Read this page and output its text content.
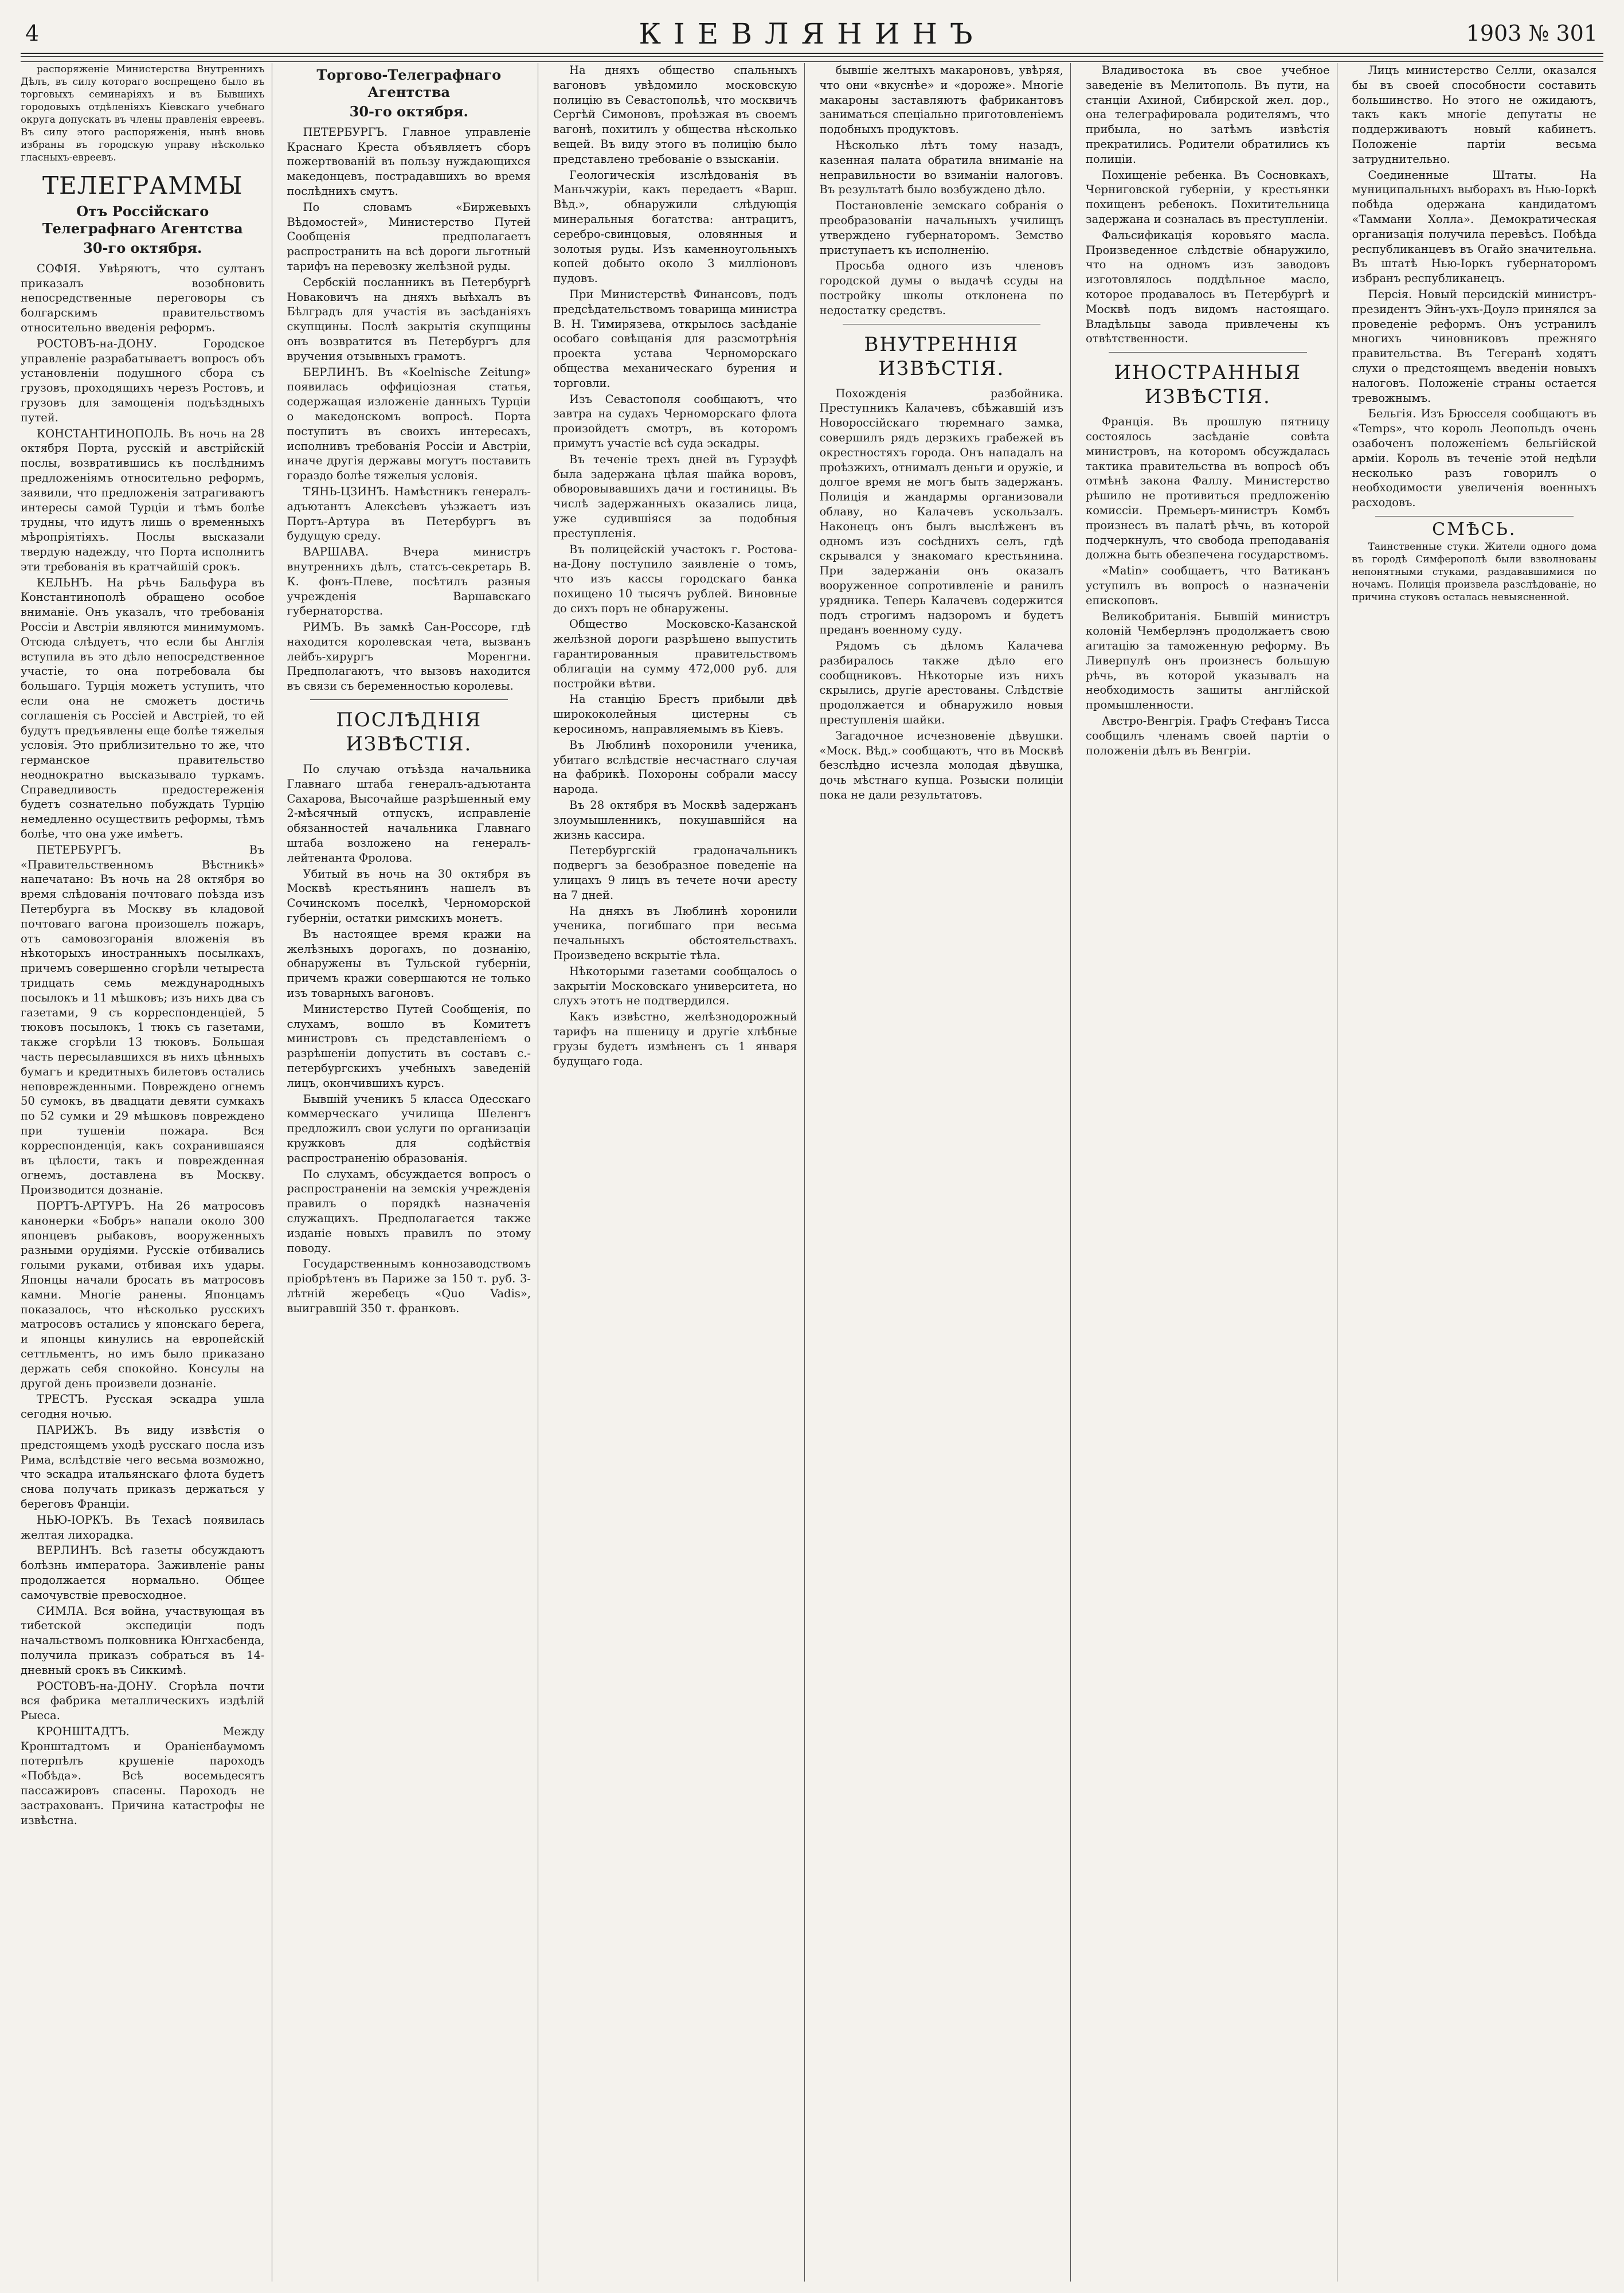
4	КІЕВЛЯНИНЪ	1903 № 301

распоряженіе Министерства Внутреннихъ Дѣлъ, въ силу котораго воспрещено было въ торговыхъ семинаріяхъ и въ Бывшихъ городовыхъ отдѣленіяхъ Кіевскаго учебнаго округа допускать въ члены правленія евреевъ. Въ силу этого распоряженія, нынѣ вновь избраны въ городскую управу нѣсколько гласныхъ-евреевъ.

ТЕЛЕГРАММЫ
Отъ Россійскаго Телеграфнаго Агентства
30-го октября.

СОФІЯ. Увѣряютъ, что султанъ приказалъ возобновить непосредственные переговоры съ болгарскимъ правительствомъ относительно введенія реформъ.

РОСТОВЪ-на-ДОНУ. Городское управленіе разрабатываетъ вопросъ объ установленіи подушного сбора съ грузовъ, проходящихъ черезъ Ростовъ, и грузовъ для замощенія подъѣздныхъ путей.

КОНСТАНТИНОПОЛЬ. Въ ночь на 28 октября Порта, русскій и австрійскій послы, возвратившись къ послѣднимъ предложеніямъ относительно реформъ, заявили, что предложенія затрагиваютъ интересы самой Турціи и тѣмъ болѣе трудны, что идутъ лишь о временныхъ мѣропріятіяхъ. Послы высказали твердую надежду, что Порта исполнитъ эти требованія въ кратчайшій срокъ.

КЕЛЬНЪ. На рѣчь Бальфура въ Константинополѣ обращено особое вниманіе. Онъ указалъ, что требованія Россіи и Австріи являются минимумомъ. Отсюда слѣдуетъ, что если бы Англія вступила въ это дѣло непосредственное участіе, то она потребовала бы большаго. Турція можетъ уступить, что если она не сможетъ достичь соглашенія съ Россіей и Австріей, то ей будутъ предъявлены еще болѣе тяжелыя условія. Это приблизительно то же, что германское правительство неоднократно высказывало туркамъ. Справедливость предостереженія будетъ сознательно побуждать Турцію немедленно осуществить реформы, тѣмъ болѣе, что она уже имѣетъ.

ПЕТЕРБУРГЪ. Въ «Правительственномъ Вѣстникѣ» напечатано: Въ ночь на 28 октября во время слѣдованія почтоваго поѣзда изъ Петербурга въ Москву въ кладовой почтоваго вагона произошелъ пожаръ, отъ самовозгоранія вложенія въ нѣкоторыхъ иностранныхъ посылкахъ, причемъ совершенно сгорѣли четыреста тридцать семь международныхъ посылокъ и 11 мѣшковъ; изъ нихъ два съ газетами, 9 съ корреспонденціей, 5 тюковъ посылокъ, 1 тюкъ съ газетами, также сгорѣли 13 тюковъ. Большая часть пересылавшихся въ нихъ цѣнныхъ бумагъ и кредитныхъ билетовъ остались неповрежденными. Повреждено огнемъ 50 сумокъ, въ двадцати девяти сумкахъ по 52 сумки и 29 мѣшковъ повреждено при тушеніи пожара. Вся корреспонденція, какъ сохранившаяся въ цѣлости, такъ и поврежденная огнемъ, доставлена въ Москву. Производится дознаніе.

ПОРТЪ-АРТУРЪ. На 26 матросовъ канонерки «Бобръ» напали около 300 японцевъ рыбаковъ, вооруженныхъ разными орудіями. Русскіе отбивались голыми руками, отбивая ихъ удары. Японцы начали бросать въ матросовъ камни. Многіе ранены. Японцамъ показалось, что нѣсколько русскихъ матросовъ остались у японскаго берега, и японцы кинулись на европейскій сеттльментъ, но имъ было приказано держать себя спокойно. Консулы на другой день произвели дознаніе.

ТРЕСТЪ. Русская эскадра ушла сегодня ночью.

ПАРИЖЪ. Въ виду извѣстія о предстоящемъ уходѣ русскаго посла изъ Рима, вслѣдствіе чего весьма возможно, что эскадра итальянскаго флота будетъ снова получать приказъ держаться у береговъ Франціи.

НЬЮ-ІОРКЪ. Въ Техасѣ появилась желтая лихорадка.

ВЕРЛИНЪ. Всѣ газеты обсуждаютъ болѣзнь императора. Заживленіе раны продолжается нормально. Общее самочувствіе превосходное.

СИМЛА. Вся война, участвующая въ тибетской экспедиціи подъ начальствомъ полковника Юнгхасбенда, получила приказъ собраться въ 14-дневный срокъ въ Сиккимѣ.

РОСТОВЪ-на-ДОНУ. Сгорѣла почти вся фабрика металлическихъ издѣлій Рыеса.

КРОНШТАДТЪ. Между Кронштадтомъ и Ораніенбаумомъ потерпѣлъ крушеніе пароходъ «Побѣда». Всѣ восемьдесятъ пассажировъ спасены. Пароходъ не застрахованъ. Причина катастрофы не извѣстна.

Торгово-Телеграфнаго Агентства
30-го октября.

ПЕТЕРБУРГЪ. Главное управленіе Краснаго Креста объявляетъ сборъ пожертвованій въ пользу нуждающихся македонцевъ, пострадавшихъ во время послѣднихъ смутъ.

По словамъ «Биржевыхъ Вѣдомостей», Министерство Путей Сообщенія предполагаетъ распространить на всѣ дороги льготный тарифъ на перевозку желѣзной руды.

Сербскій посланникъ въ Петербургѣ Новаковичъ на дняхъ выѣхалъ въ Бѣлградъ для участія въ засѣданіяхъ скупщины. Послѣ закрытія скупщины онъ возвратится въ Петербургъ для вручения отзывныхъ грамотъ.

БЕРЛИНЪ. Въ «Koelnische Zeitung» появилась оффиціозная статья, содержащая изложеніе данныхъ Турціи о македонскомъ вопросѣ. Порта поступитъ въ своихъ интересахъ, исполнивъ требованія Россіи и Австріи, иначе другія державы могутъ поставить гораздо болѣе тяжелыя условія.

ТЯНЬ-ЦЗИНЪ. Намѣстникъ генералъ-адъютантъ Алексѣевъ уѣзжаетъ изъ Портъ-Артура въ Петербургъ въ будущую среду.

ВАРШАВА. Вчера министръ внутреннихъ дѣлъ, статсъ-секретарь В. К. фонъ-Плеве, посѣтилъ разныя учрежденія Варшавскаго губернаторства.

РИМЪ. Въ замкѣ Сан-Россоре, гдѣ находится королевская чета, вызванъ лейбъ-хирургъ Моренгни. Предполагаютъ, что вызовъ находится въ связи съ беременностью королевы.

ПОСЛѢДНІЯ ИЗВѢСТІЯ.

По случаю отъѣзда начальника Главнаго штаба генералъ-адъютанта Сахарова, Высочайше разрѣшенный ему 2-мѣсячный отпускъ, исправленіе обязанностей начальника Главнаго штаба возложено на генералъ-лейтенанта Фролова.

Убитый въ ночь на 30 октября въ Москвѣ крестьянинъ нашелъ въ Сочинскомъ поселкѣ, Черноморской губерніи, остатки римскихъ монетъ.

Въ настоящее время кражи на желѣзныхъ дорогахъ, по дознанію, обнаружены въ Тульской губерніи, причемъ кражи совершаются не только изъ товарныхъ вагоновъ.

Министерство Путей Сообщенія, по слухамъ, вошло въ Комитетъ министровъ съ представленіемъ о разрѣшеніи допустить въ составъ с.-петербургскихъ учебныхъ заведеній лицъ, окончившихъ курсъ.

Бывшій ученикъ 5 класса Одесскаго коммерческаго училища Шеленгъ предложилъ свои услуги по организаціи кружковъ для содѣйствія распространенію образованія.

По слухамъ, обсуждается вопросъ о распространеніи на земскія учрежденія правилъ о порядкѣ назначенія служащихъ. Предполагается также изданіе новыхъ правилъ по этому поводу.

Государственнымъ коннозаводствомъ пріобрѣтенъ въ Париже за 150 т. руб. 3-лѣтній жеребецъ «Quo Vadis», выигравшій 350 т. франковъ.

На дняхъ общество спальныхъ вагоновъ увѣдомило московскую полицію въ Севастопольѣ, что москвичъ Сергѣй Симоновъ, проѣзжая въ своемъ вагонѣ, похитилъ у общества нѣсколько вещей. Въ виду этого въ полицію было представлено требованіе о взысканіи.

Геологическія изслѣдованія въ Маньчжуріи, какъ передаетъ «Варш. Вѣд.», обнаружили слѣдующія минеральныя богатства: антрацитъ, серебро-свинцовыя, оловянныя и золотыя руды. Изъ каменноугольныхъ копей добыто около 3 милліоновъ пудовъ.

При Министерствѣ Финансовъ, подъ предсѣдательствомъ товарища министра В. Н. Тимирязева, открылось засѣданіе особаго совѣщанія для разсмотрѣнія проекта устава Черноморскаго общества механическаго бурения и торговли.

Изъ Севастополя сообщаютъ, что завтра на судахъ Черноморскаго флота произойдетъ смотръ, въ которомъ примутъ участіе всѣ суда эскадры.

Въ теченіе трехъ дней въ Гурзуфѣ была задержана цѣлая шайка воровъ, обворовывавшихъ дачи и гостиницы. Въ числѣ задержанныхъ оказались лица, уже судившіяся за подобныя преступленія.

Въ полицейскій участокъ г. Ростова-на-Дону поступило заявленіе о томъ, что изъ кассы городскаго банка похищено 10 тысячъ рублей. Виновные до сихъ поръ не обнаружены.

Общество Московско-Казанской желѣзной дороги разрѣшено выпустить гарантированныя правительствомъ облигаціи на сумму 472,000 руб. для постройки вѣтви.

На станцію Брестъ прибыли двѣ ширококолейныя цистерны съ керосиномъ, направляемымъ въ Кіевъ.

Въ Люблинѣ похоронили ученика, убитаго вслѣдствіе несчастнаго случая на фабрикѣ. Похороны собрали массу народа.

Въ 28 октября въ Москвѣ задержанъ злоумышленникъ, покушавшійся на жизнь кассира.

Петербургскій градоначальникъ подвергъ за безобразное поведеніе на улицахъ 9 лицъ въ течете ночи аресту на 7 дней.

На дняхъ въ Люблинѣ хоронили ученика, погибшаго при весьма печальныхъ обстоятельствахъ. Произведено вскрытіе тѣла.

Нѣкоторыми газетами сообщалось о закрытіи Московскаго университета, но слухъ этотъ не подтвердился.

Какъ извѣстно, желѣзнодорожный тарифъ на пшеницу и другіе хлѣбные грузы будетъ измѣненъ съ 1 января будущаго года.

бывшіе желтыхъ макароновъ, увѣряя, что они «вкуснѣе» и «дороже». Многіе макароны заставляютъ фабрикантовъ заниматься спеціально приготовленіемъ подобныхъ продуктовъ.

Нѣсколько лѣтъ тому назадъ, казенная палата обратила вниманіе на неправильности во взиманіи налоговъ. Въ результатѣ было возбуждено дѣло.

Постановленіе земскаго собранія о преобразованіи начальныхъ училищъ утверждено губернаторомъ. Земство приступаетъ къ исполненію.

Просьба одного изъ членовъ городской думы о выдачѣ ссуды на постройку школы отклонена по недостатку средствъ.

ВНУТРЕННІЯ ИЗВѢСТІЯ.

Похожденія разбойника. Преступникъ Калачевъ, сбѣжавшій изъ Новороссійскаго тюремнаго замка, совершилъ рядъ дерзкихъ грабежей въ окрестностяхъ города. Онъ нападалъ на проѣзжихъ, отнималъ деньги и оружіе, и долгое время не могъ быть задержанъ. Полиція и жандармы организовали облаву, но Калачевъ ускользалъ. Наконецъ онъ былъ выслѣженъ въ одномъ изъ сосѣднихъ селъ, гдѣ скрывался у знакомаго крестьянина. При задержаніи онъ оказалъ вооруженное сопротивленіе и ранилъ урядника. Теперь Калачевъ содержится подъ строгимъ надзоромъ и будетъ преданъ военному суду.

Рядомъ съ дѣломъ Калачева разбиралось также дѣло его сообщниковъ. Нѣкоторые изъ нихъ скрылись, другіе арестованы. Слѣдствіе продолжается и обнаружило новыя преступленія шайки.

Загадочное исчезновеніе дѣвушки. «Моск. Вѣд.» сообщаютъ, что въ Москвѣ безслѣдно исчезла молодая дѣвушка, дочь мѣстнаго купца. Розыски полиціи пока не дали результатовъ.

Владивостока въ свое учебное заведеніе въ Мелитополь. Въ пути, на станціи Ахиной, Сибирской жел. дор., она телеграфировала родителямъ, что прибыла, но затѣмъ извѣстія прекратились. Родители обратились къ полиціи.

Похищеніе ребенка. Въ Сосновкахъ, Черниговской губерніи, у крестьянки похищенъ ребенокъ. Похитительница задержана и созналась въ преступленіи.

Фальсификація коровьяго масла. Произведенное слѣдствіе обнаружило, что на одномъ изъ заводовъ изготовлялось поддѣльное масло, которое продавалось въ Петербургѣ и Москвѣ подъ видомъ настоящаго. Владѣльцы завода привлечены къ отвѣтственности.

ИНОСТРАННЫЯ ИЗВѢСТІЯ.

Франція. Въ прошлую пятницу состоялось засѣданіе совѣта министровъ, на которомъ обсуждалась тактика правительства въ вопросѣ объ отмѣнѣ закона Фаллу. Министерство рѣшило не противиться предложенію комиссіи. Премьеръ-министръ Комбъ произнесъ въ палатѣ рѣчь, въ которой подчеркнулъ, что свобода преподаванія должна быть обезпечена государствомъ.

«Matin» сообщаетъ, что Ватиканъ уступилъ въ вопросѣ о назначеніи епископовъ.

Великобританія. Бывшій министръ колоній Чемберлэнъ продолжаетъ свою агитацію за таможенную реформу. Въ Ливерпулѣ онъ произнесъ большую рѣчь, въ которой указывалъ на необходимость защиты англійской промышленности.

Австро-Венгрія. Графъ Стефанъ Тисса сообщилъ членамъ своей партіи о положеніи дѣлъ въ Венгріи.

Лицъ министерство Селли, оказался бы въ своей способности составить большинство. Но этого не ожидаютъ, такъ какъ многіе депутаты не поддерживаютъ новый кабинетъ. Положеніе партіи весьма затруднительно.

Соединенные Штаты. На муниципальныхъ выборахъ въ Нью-Іоркѣ побѣда одержана кандидатомъ «Таммани Холла». Демократическая организація получила перевѣсъ. Побѣда республиканцевъ въ Огайо значительна. Въ штатѣ Нью-Іоркъ губернаторомъ избранъ республиканецъ.

Персія. Новый персидскій министръ-президентъ Эйнъ-ухъ-Доулэ принялся за проведеніе реформъ. Онъ устранилъ многихъ чиновниковъ прежняго правительства. Въ Тегеранѣ ходятъ слухи о предстоящемъ введеніи новыхъ налоговъ. Положеніе страны остается тревожнымъ.

Бельгія. Изъ Брюсселя сообщаютъ въ «Temps», что король Леопольдъ очень озабоченъ положеніемъ бельгійской арміи. Король въ теченіе этой недѣли несколько разъ говорилъ о необходимости увеличенія военныхъ расходовъ.

СМѢСЬ.

Таинственные стуки. Жители одного дома въ городѣ Симферополѣ были взволнованы непонятными стуками, раздававшимися по ночамъ. Полиція произвела разслѣдованіе, но причина стуковъ осталась невыясненной.
